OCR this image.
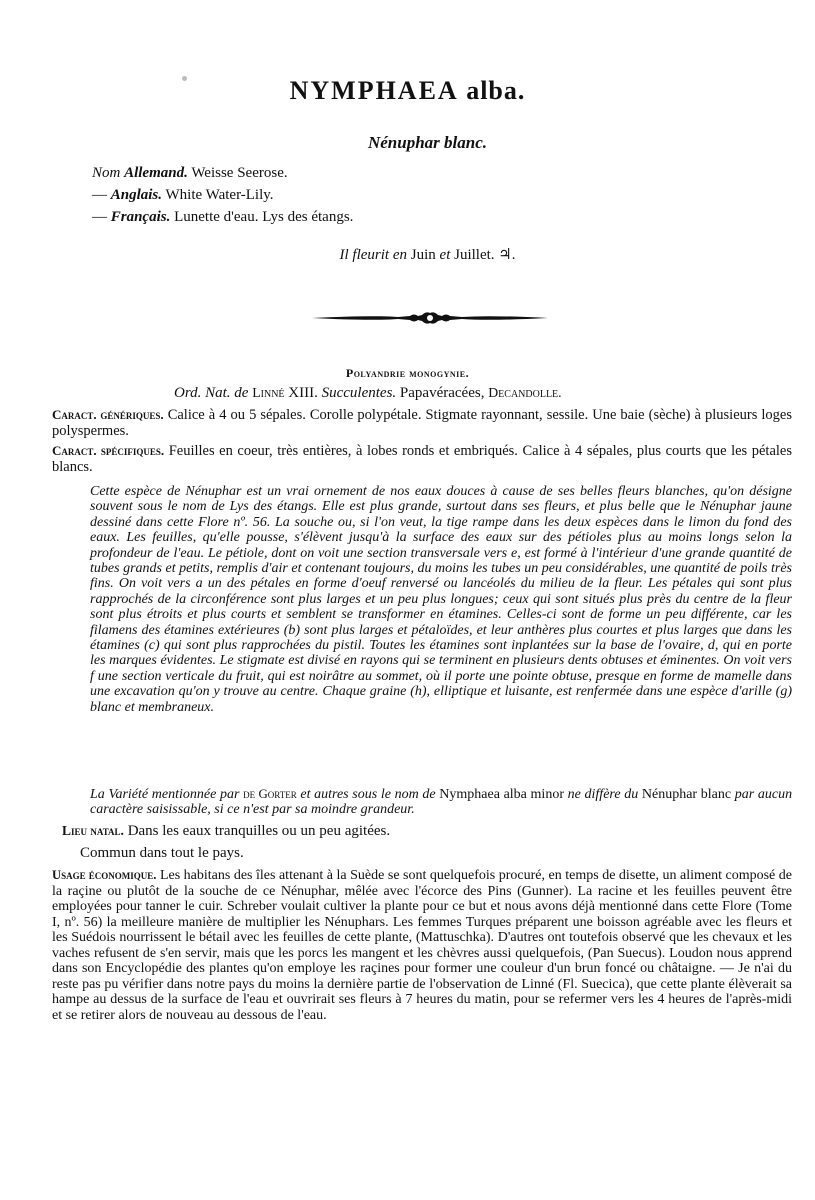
NYMPHAEA alba.
Nénuphar blanc.
Nom Allemand. Weisse Seerose.
— Anglais. White Water-Lily.
— Français. Lunette d'eau. Lys des étangs.
Il fleurit en Juin et Juillet. ♃.
Polyandrie monogynie.
Ord. Nat. de Linné XIII. Succulentes. Papavéracées, Decandolle.
Caract. génériques. Calice à 4 ou 5 sépales. Corolle polypétale. Stigmate rayonnant, sessile. Une baie (sèche) à plusieurs loges polyspermes.
Caract. spécifiques. Feuilles en coeur, très entières, à lobes ronds et embriqués. Calice à 4 sépales, plus courts que les pétales blancs.
Cette espèce de Nénuphar est un vrai ornement de nos eaux douces à cause de ses belles fleurs blanches, qu'on désigne souvent sous le nom de Lys des étangs. Elle est plus grande, surtout dans ses fleurs, et plus belle que le Nénuphar jaune dessiné dans cette Flore nº. 56. La souche ou, si l'on veut, la tige rampe dans les deux espèces dans le limon du fond des eaux. Les feuilles, qu'elle pousse, s'élèvent jusqu'à la surface des eaux sur des pétioles plus au moins longs selon la profondeur de l'eau. Le pétiole, dont on voit une section transversale vers e, est formé à l'intérieur d'une grande quantité de tubes grands et petits, remplis d'air et contenant toujours, du moins les tubes un peu considérables, une quantité de poils très fins. On voit vers a un des pétales en forme d'oeuf renversé ou lancéolés du milieu de la fleur. Les pétales qui sont plus rapprochés de la circonférence sont plus larges et un peu plus longues; ceux qui sont situés plus près du centre de la fleur sont plus étroits et plus courts et semblent se transformer en étamines. Celles-ci sont de forme un peu différente, car les filamens des étamines extérieures (b) sont plus larges et pétaloïdes, et leur anthères plus courtes et plus larges que dans les étamines (c) qui sont plus rapprochées du pistil. Toutes les étamines sont inplantées sur la base de l'ovaire, d, qui en porte les marques évidentes. Le stigmate est divisé en rayons qui se terminent en plusieurs dents obtuses et éminentes. On voit vers f une section verticale du fruit, qui est noirâtre au sommet, où il porte une pointe obtuse, presque en forme de mamelle dans une excavation qu'on y trouve au centre. Chaque graine (h), elliptique et luisante, est renfermée dans une espèce d'arille (g) blanc et membraneux.
La Variété mentionnée par de Gorter et autres sous le nom de Nymphaea alba minor ne diffère du Nénuphar blanc par aucun caractère saisissable, si ce n'est par sa moindre grandeur.
Lieu natal. Dans les eaux tranquilles ou un peu agitées.
Commun dans tout le pays.
Usage économique. Les habitans des îles attenant à la Suède se sont quelquefois procuré, en temps de disette, un aliment composé de la raçine ou plutôt de la souche de ce Nénuphar, mêlée avec l'écorce des Pins (Gunner). La racine et les feuilles peuvent être employées pour tanner le cuir. Schreber voulait cultiver la plante pour ce but et nous avons déjà mentionné dans cette Flore (Tome I, nº. 56) la meilleure manière de multiplier les Nénuphars. Les femmes Turques préparent une boisson agréable avec les fleurs et les Suédois nourrissent le bétail avec les feuilles de cette plante, (Mattuschka). D'autres ont toutefois observé que les chevaux et les vaches refusent de s'en servir, mais que les porcs les mangent et les chèvres aussi quelquefois, (Pan Suecus). Loudon nous apprend dans son Encyclopédie des plantes qu'on employe les raçines pour former une couleur d'un brun foncé ou châtaigne. — Je n'ai du reste pas pu vérifier dans notre pays du moins la dernière partie de l'observation de Linné (Fl. Suecica), que cette plante élèverait sa hampe au dessus de la surface de l'eau et ouvrirait ses fleurs à 7 heures du matin, pour se refermer vers les 4 heures de l'après-midi et se retirer alors de nouveau au dessous de l'eau.
